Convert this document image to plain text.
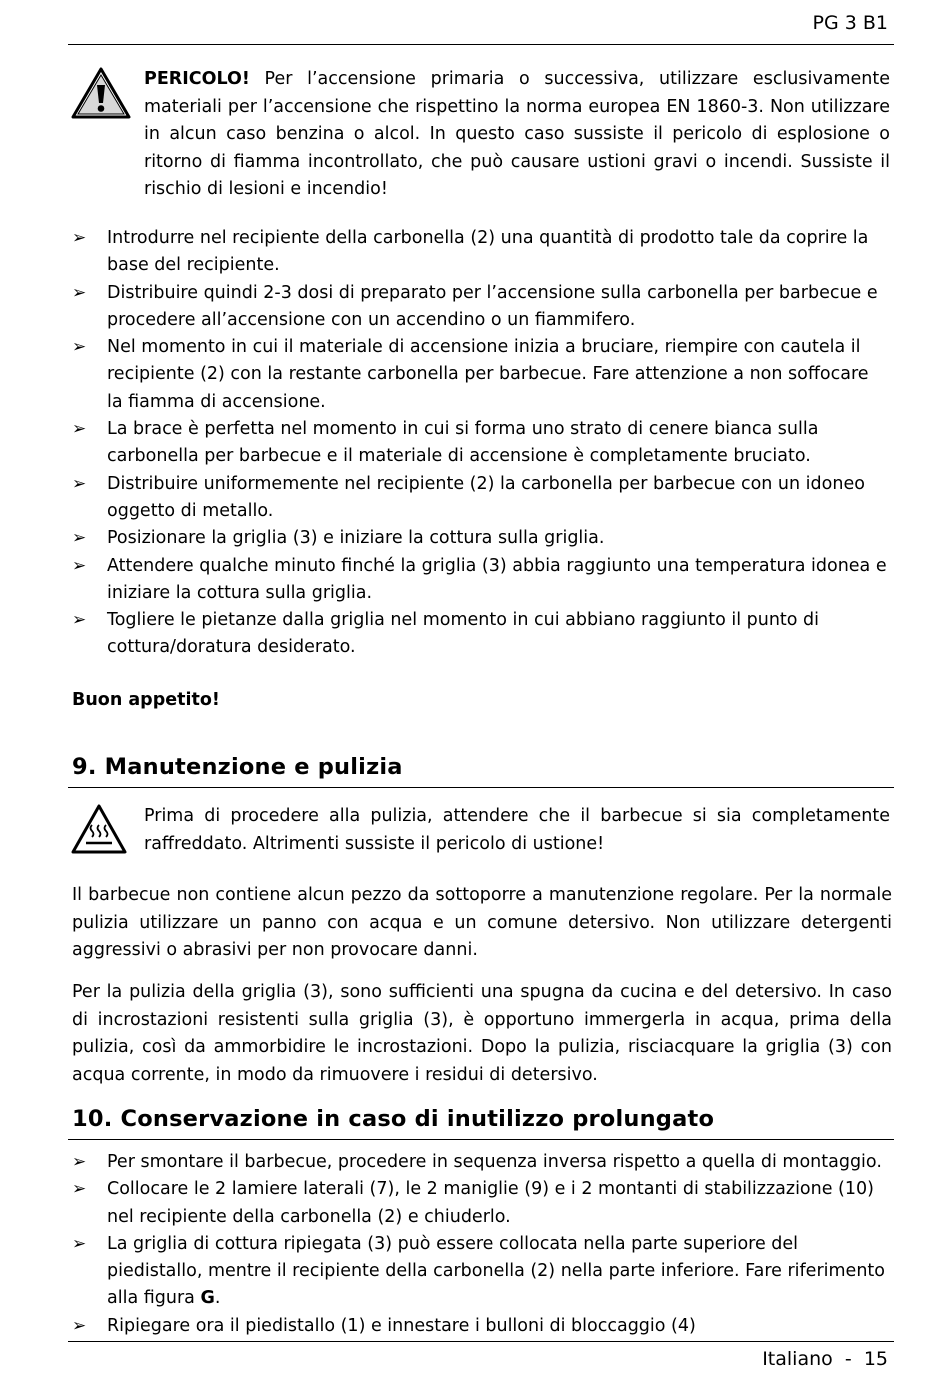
PG 3 B1
PERICOLO! Per l’accensione primaria o successiva, utilizzare esclusivamente materiali per l’accensione che rispettino la norma europea EN 1860-3. Non utilizzare in alcun caso benzina o alcol. In questo caso sussiste il pericolo di esplosione o ritorno di fiamma incontrollato, che può causare ustioni gravi o incendi. Sussiste il rischio di lesioni e incendio!
➢ Introdurre nel recipiente della carbonella (2) una quantità di prodotto tale da coprire la base del recipiente.
➢ Distribuire quindi 2-3 dosi di preparato per l’accensione sulla carbonella per barbecue e procedere all’accensione con un accendino o un fiammifero.
➢ Nel momento in cui il materiale di accensione inizia a bruciare, riempire con cautela il recipiente (2) con la restante carbonella per barbecue. Fare attenzione a non soffocare la fiamma di accensione.
➢ La brace è perfetta nel momento in cui si forma uno strato di cenere bianca sulla carbonella per barbecue e il materiale di accensione è completamente bruciato.
➢ Distribuire uniformemente nel recipiente (2) la carbonella per barbecue con un idoneo oggetto di metallo.
➢ Posizionare la griglia (3) e iniziare la cottura sulla griglia.
➢ Attendere qualche minuto finché la griglia (3) abbia raggiunto una temperatura idonea e iniziare la cottura sulla griglia.
➢ Togliere le pietanze dalla griglia nel momento in cui abbiano raggiunto il punto di cottura/doratura desiderato.
Buon appetito!
9. Manutenzione e pulizia
Prima di procedere alla pulizia, attendere che il barbecue si sia completamente raffreddato. Altrimenti sussiste il pericolo di ustione!

Il barbecue non contiene alcun pezzo da sottoporre a manutenzione regolare. Per la normale pulizia utilizzare un panno con acqua e un comune detersivo. Non utilizzare detergenti aggressivi o abrasivi per non provocare danni.

Per la pulizia della griglia (3), sono sufficienti una spugna da cucina e del detersivo. In caso di incrostazioni resistenti sulla griglia (3), è opportuno immergerla in acqua, prima della pulizia, così da ammorbidire le incrostazioni. Dopo la pulizia, risciacquare la griglia (3) con acqua corrente, in modo da rimuovere i residui di detersivo.

10. Conservazione in caso di inutilizzo prolungato
➢ Per smontare il barbecue, procedere in sequenza inversa rispetto a quella di montaggio.
➢ Collocare le 2 lamiere laterali (7), le 2 maniglie (9) e i 2 montanti di stabilizzazione (10) nel recipiente della carbonella (2) e chiuderlo.
➢ La griglia di cottura ripiegata (3) può essere collocata nella parte superiore del piedistallo, mentre il recipiente della carbonella (2) nella parte inferiore. Fare riferimento alla figura G.
➢ Ripiegare ora il piedistallo (1) e innestare i bulloni di bloccaggio (4)
Italiano - 15
